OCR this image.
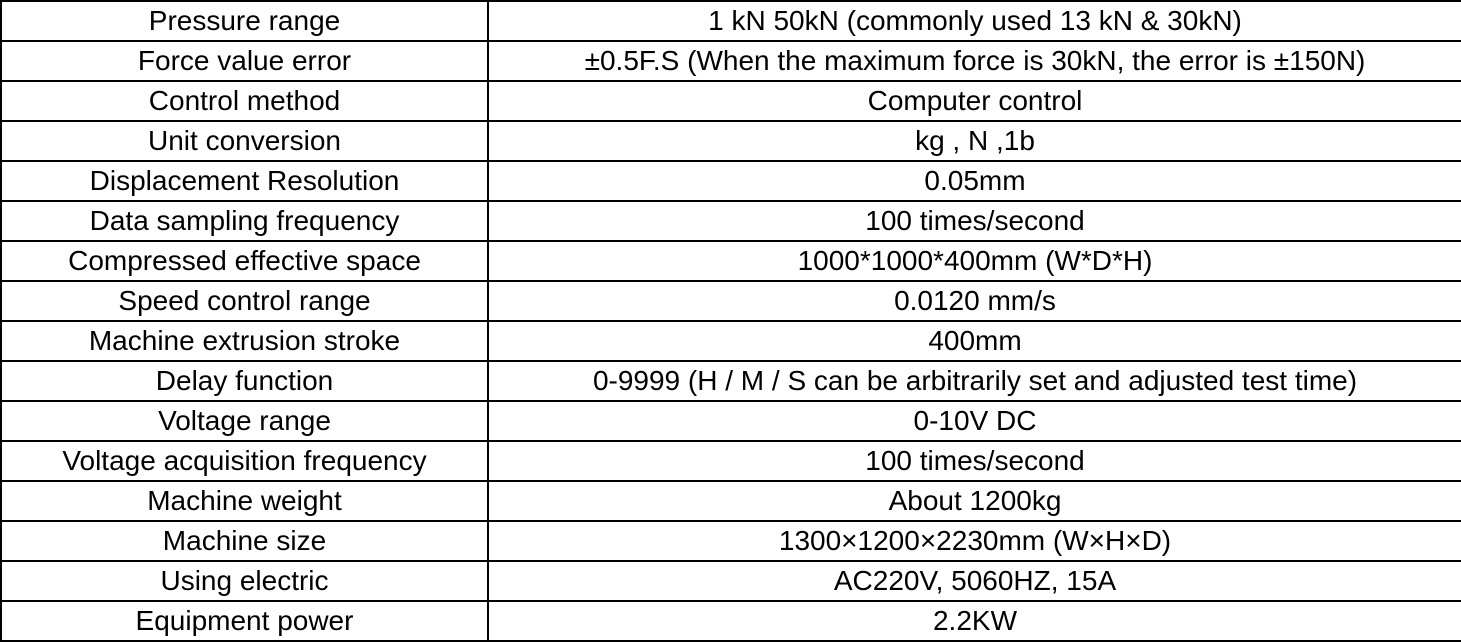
Pressure range	1 kN 50kN (commonly used 13 kN & 30kN)
Force value error	±0.5F.S (When the maximum force is 30kN, the error is ±150N)
Control method	Computer control
Unit conversion	kg , N ,1b
Displacement Resolution	0.05mm
Data sampling frequency	100 times/second
Compressed effective space	1000*1000*400mm (W*D*H)
Speed control range	0.0120 mm/s
Machine extrusion stroke	400mm
Delay function	0-9999 (H / M / S can be arbitrarily set and adjusted test time)
Voltage range	0-10V DC
Voltage acquisition frequency	100 times/second
Machine weight	About 1200kg
Machine size	1300×1200×2230mm (W×H×D)
Using electric	AC220V, 5060HZ, 15A
Equipment power	2.2KW
